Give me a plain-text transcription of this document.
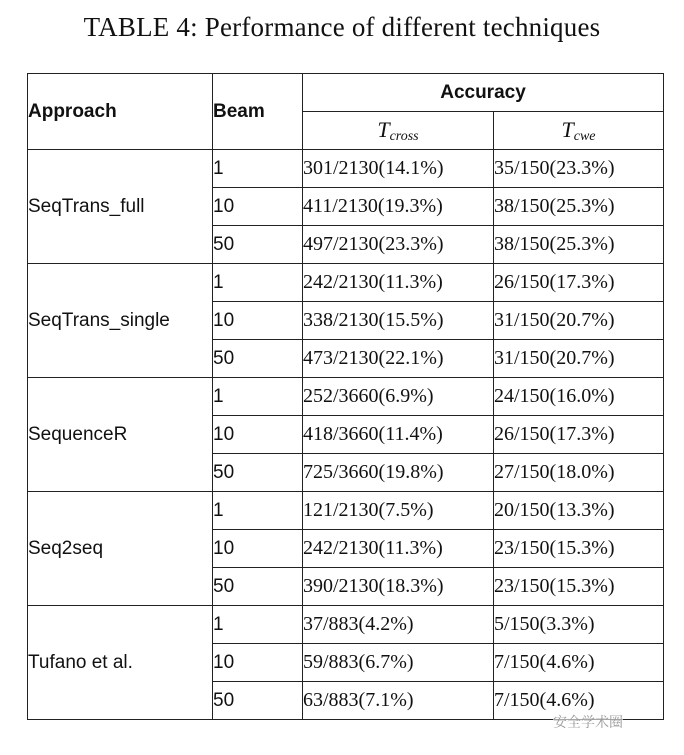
TABLE 4: Performance of different techniques
Approach	Beam	Accuracy	
		$T_{cross}$	$T_{cwe}$
SeqTrans_full	1	301/2130(14.1%)	35/150(23.3%)
	10	411/2130(19.3%)	38/150(25.3%)
	50	497/2130(23.3%)	38/150(25.3%)
SeqTrans_single	1	242/2130(11.3%)	26/150(17.3%)
	10	338/2130(15.5%)	31/150(20.7%)
	50	473/2130(22.1%)	31/150(20.7%)
SequenceR	1	252/3660(6.9%)	24/150(16.0%)
	10	418/3660(11.4%)	26/150(17.3%)
	50	725/3660(19.8%)	27/150(18.0%)
Seq2seq	1	121/2130(7.5%)	20/150(13.3%)
	10	242/2130(11.3%)	23/150(15.3%)
	50	390/2130(18.3%)	23/150(15.3%)
Tufano et al.	1	37/883(4.2%)	5/150(3.3%)
	10	59/883(6.7%)	7/150(4.6%)
	50	63/883(7.1%)	7/150(4.6%)
安全学术圈
